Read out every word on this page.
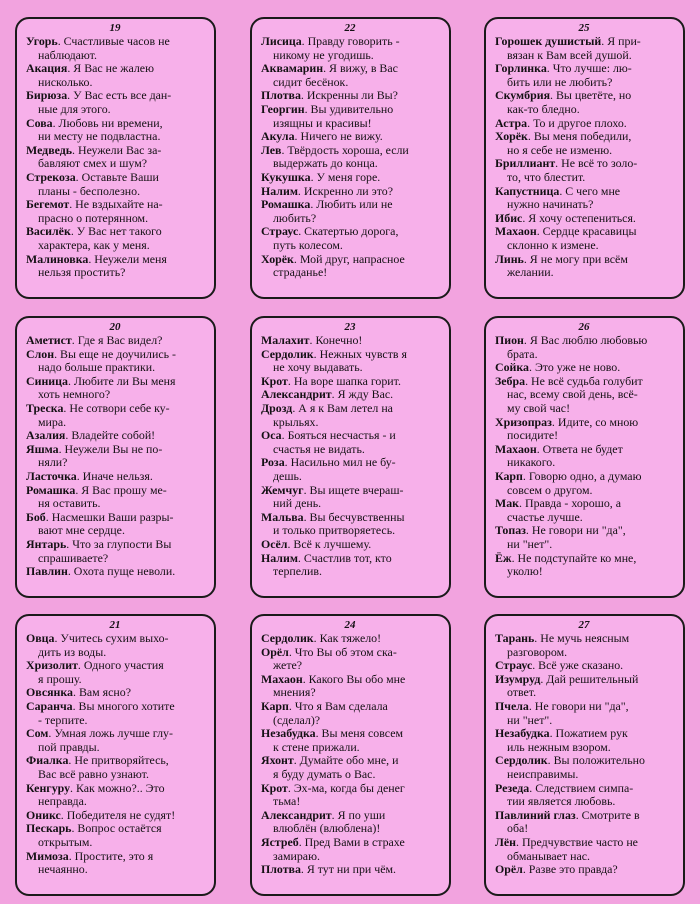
19
Угорь. Счастливые часов не
наблюдают.
Акация. Я Вас не жалею
нисколько.
Бирюза. У Вас есть все дан-
ные для этого.
Сова. Любовь ни времени,
ни месту не подвластна.
Медведь. Неужели Вас за-
бавляют смех и шум?
Стрекоза. Оставьте Ваши
планы - бесполезно.
Бегемот. Не вздыхайте на-
прасно о потерянном.
Василёк. У Вас нет такого
характера, как у меня.
Малиновка. Неужели меня
нельзя простить?
22
Лисица. Правду говорить -
никому не угодишь.
Аквамарин. Я вижу, в Вас
сидит бесёнок.
Плотва. Искренны ли Вы?
Георгин. Вы удивительно
изящны и красивы!
Акула. Ничего не вижу.
Лев. Твёрдость хороша, если
выдержать до конца.
Кукушка. У меня горе.
Налим. Искренно ли это?
Ромашка. Любить или не
любить?
Страус. Скатертью дорога,
путь колесом.
Хорёк. Мой друг, напрасное
страданье!
25
Горошек душистый. Я при-
вязан к Вам всей душой.
Горлинка. Что лучше: лю-
бить или не любить?
Скумбрия. Вы цветёте, но
как-то бледно.
Астра. То и другое плохо.
Хорёк. Вы меня победили,
но я себе не изменю.
Бриллиант. Не всё то золо-
то, что блестит.
Капустница. С чего мне
нужно начинать?
Ибис. Я хочу остепениться.
Махаон. Сердце красавицы
склонно к измене.
Линь. Я не могу при всём
желании.
20
Аметист. Где я Вас видел?
Слон. Вы еще не доучились -
надо больше практики.
Синица. Любите ли Вы меня
хоть немного?
Треска. Не сотвори себе ку-
мира.
Азалия. Владейте собой!
Яшма. Неужели Вы не по-
няли?
Ласточка. Иначе нельзя.
Ромашка. Я Вас прошу ме-
ня оставить.
Боб. Насмешки Ваши разры-
вают мне сердце.
Янтарь. Что за глупости Вы
спрашиваете?
Павлин. Охота пуще неволи.
23
Малахит. Конечно!
Сердолик. Нежных чувств я
не хочу выдавать.
Крот. На воре шапка горит.
Александрит. Я жду Вас.
Дрозд. А я к Вам летел на
крыльях.
Оса. Бояться несчастья - и
счастья не видать.
Роза. Насильно мил не бу-
дешь.
Жемчуг. Вы ищете вчераш-
ний день.
Мальва. Вы бесчувственны
и только притворяетесь.
Осёл. Всё к лучшему.
Налим. Счастлив тот, кто
терпелив.
26
Пион. Я Вас люблю любовью
брата.
Сойка. Это уже не ново.
Зебра. Не всё судьба голубит
нас, всему свой день, всё-
му свой час!
Хризопраз. Идите, со мною
посидите!
Махаон. Ответа не будет
никакого.
Карп. Говорю одно, а думаю
совсем о другом.
Мак. Правда - хорошо, а
счастье лучше.
Топаз. Не говори ни "да",
ни "нет".
Ёж. Не подступайте ко мне,
уколю!
21
Овца. Учитесь сухим выхо-
дить из воды.
Хризолит. Одного участия
я прошу.
Овсянка. Вам ясно?
Саранча. Вы многого хотите
- терпите.
Сом. Умная ложь лучше глу-
пой правды.
Фиалка. Не притворяйтесь,
Вас всё равно узнают.
Кенгуру. Как можно?.. Это
неправда.
Оникс. Победителя не судят!
Пескарь. Вопрос остаётся
открытым.
Мимоза. Простите, это я
нечаянно.
24
Сердолик. Как тяжело!
Орёл. Что Вы об этом ска-
жете?
Махаон. Какого Вы обо мне
мнения?
Карп. Что я Вам сделала
(сделал)?
Незабудка. Вы меня совсем
к стене прижали.
Яхонт. Думайте обо мне, и
я буду думать о Вас.
Крот. Эх-ма, когда бы денег
тьма!
Александрит. Я по уши
влюблён (влюблена)!
Ястреб. Пред Вами в страхе
замираю.
Плотва. Я тут ни при чём.
27
Тарань. Не мучь неясным
разговором.
Страус. Всё уже сказано.
Изумруд. Дай решительный
ответ.
Пчела. Не говори ни "да",
ни "нет".
Незабудка. Пожатием рук
иль нежным взором.
Сердолик. Вы положительно
неисправимы.
Резеда. Следствием симпа-
тии является любовь.
Павлиний глаз. Смотрите в
оба!
Лён. Предчувствие часто не
обманывает нас.
Орёл. Разве это правда?
